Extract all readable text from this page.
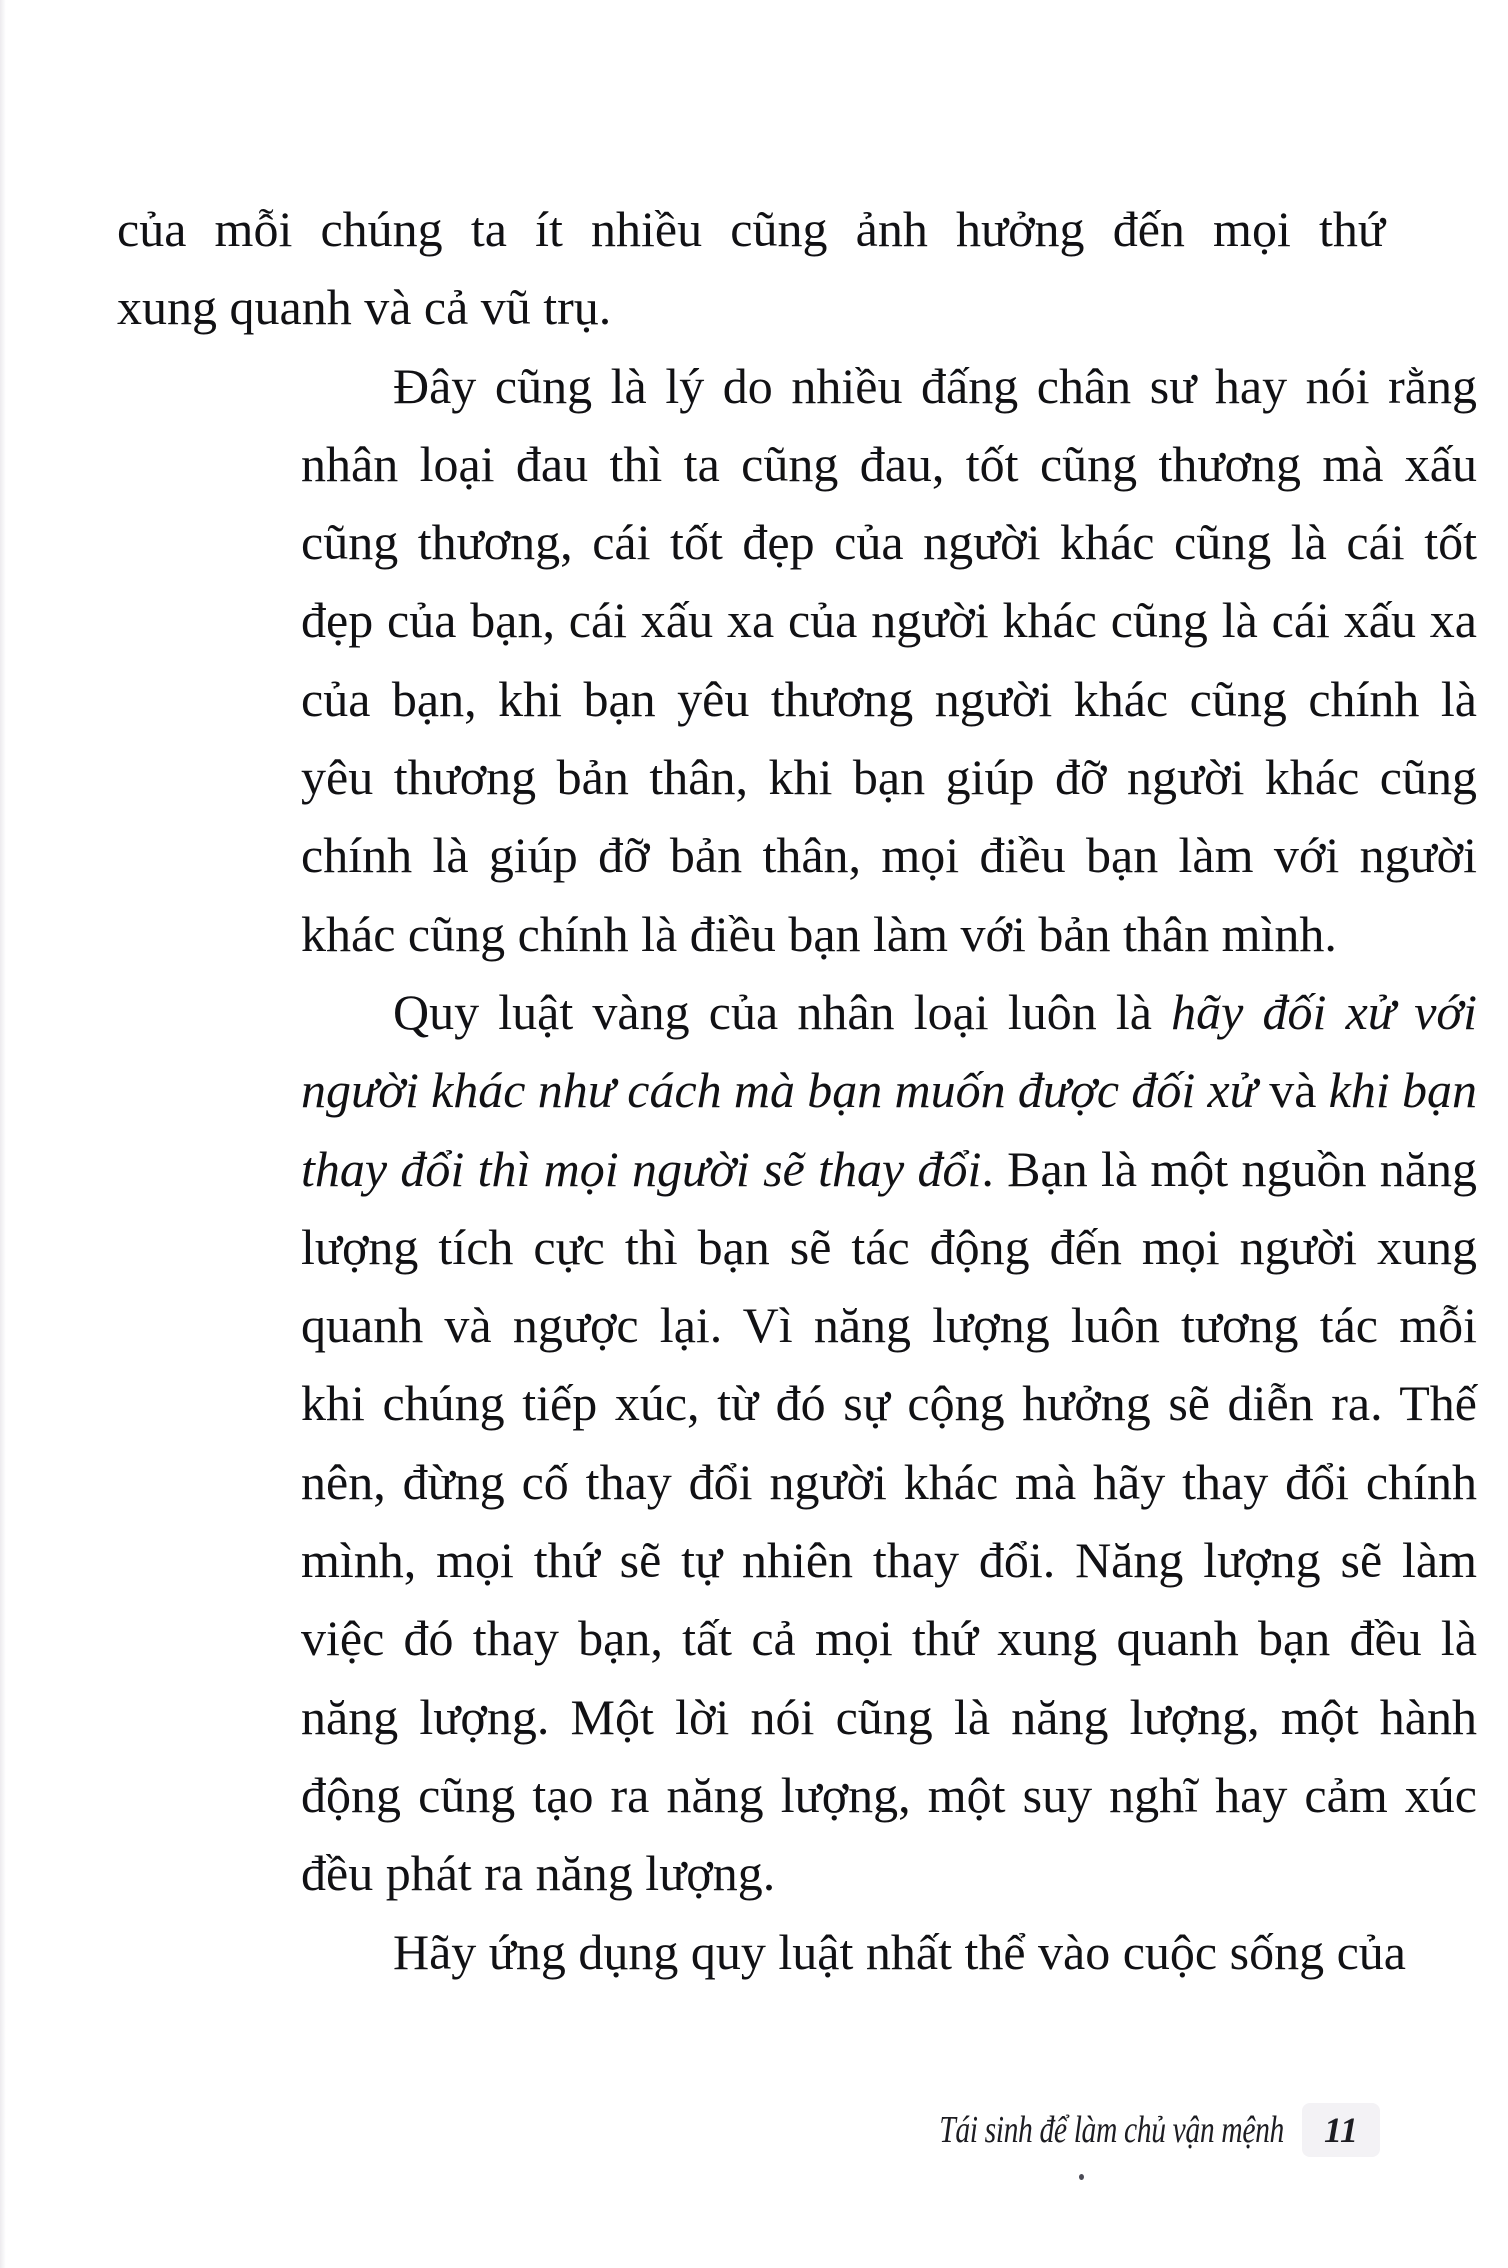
của mỗi chúng ta ít nhiều cũng ảnh hưởng đến mọi thứ
xung quanh và cả vũ trụ.
Đây cũng là lý do nhiều đấng chân sư hay nói rằng
nhân loại đau thì ta cũng đau, tốt cũng thương mà xấu
cũng thương, cái tốt đẹp của người khác cũng là cái tốt
đẹp của bạn, cái xấu xa của người khác cũng là cái xấu xa
của bạn, khi bạn yêu thương người khác cũng chính là
yêu thương bản thân, khi bạn giúp đỡ người khác cũng
chính là giúp đỡ bản thân, mọi điều bạn làm với người
khác cũng chính là điều bạn làm với bản thân mình.
Quy luật vàng của nhân loại luôn là hãy đối xử với
người khác như cách mà bạn muốn được đối xử và khi bạn
thay đổi thì mọi người sẽ thay đổi. Bạn là một nguồn năng
lượng tích cực thì bạn sẽ tác động đến mọi người xung
quanh và ngược lại. Vì năng lượng luôn tương tác mỗi
khi chúng tiếp xúc, từ đó sự cộng hưởng sẽ diễn ra. Thế
nên, đừng cố thay đổi người khác mà hãy thay đổi chính
mình, mọi thứ sẽ tự nhiên thay đổi. Năng lượng sẽ làm
việc đó thay bạn, tất cả mọi thứ xung quanh bạn đều là
năng lượng. Một lời nói cũng là năng lượng, một hành
động cũng tạo ra năng lượng, một suy nghĩ hay cảm xúc
đều phát ra năng lượng.
Hãy ứng dụng quy luật nhất thể vào cuộc sống của
Tái sinh để làm chủ vận mệnh	11
